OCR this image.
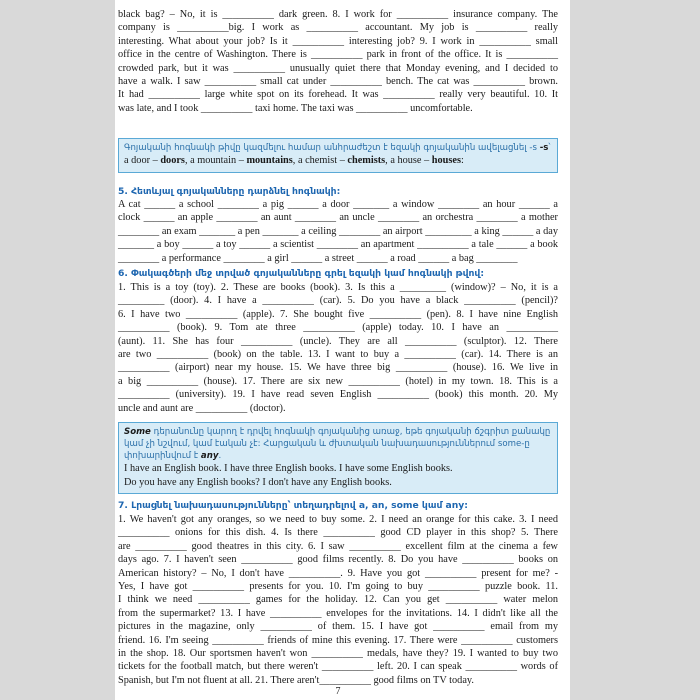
black bag? – No, it is __________ dark green. 8. I work for __________ insurance company. The
company is __________big. I work as __________ accountant. My job is __________ really
interesting. What about your job? Is it __________ interesting job? 9. I work in __________ small
office in the centre of Washington. There is __________ park in front of the office. It is __________
crowded park, but it was __________ unusually quiet there that Monday evening, and I decided to
have a walk. I saw __________ small cat under __________ bench. The cat was __________ brown.
It had __________ large white spot on its forehead. It was __________ really very beautiful. 10. It
was late, and I took __________ taxi home. The taxi was __________ uncomfortable.

Գոյականի հոգնակի թիվը կազմելու համար անհրաժեշտ է եզակի գոյականին ավելացնել -s -s՝

a door – doors, a mountain – mountains, a chemist – chemists, a house – houses:

5. Հետևյալ գոյականները դարձնել հոգնակի:

A cat ______ a school ________ a pig ______ a door _______ a window ________ an hour ______ a
clock ______ an apple ________ an aunt ________ an uncle ________ an orchestra ________ a mother
________ an exam _______ a pen _______ a ceiling ________ an airport _________ a king ______ a day
_______ a boy ______ a toy ______ a scientist ________ an apartment __________ a tale ______ a book
________ a performance ________ a girl ______ a street ______ a road ______ a bag ________

6. Փակագծերի մեջ տրված գոյականները գրել եզակի կամ հոգնակի թվով:

1. This is a toy (toy). 2. These are books (book). 3. Is this a _________ (window)? – No, it is a
_________ (door). 4. I have a __________ (car). 5. Do you have a black __________ (pencil)?
6. I have two __________ (apple). 7. She bought five __________ (pen). 8. I have nine English
__________ (book). 9. Tom ate three __________ (apple) today. 10. I have an __________
(aunt). 11. She has four __________ (uncle). They are all __________ (sculptor). 12. There
are two __________ (book) on the table. 13. I want to buy a __________ (car). 14. There is an
__________ (airport) near my house. 15. We have three big __________ (house). 16. We live in
a big __________ (house). 17. There are six new __________ (hotel) in my town. 18. This is a
__________ (university). 19. I have read seven English __________ (book) this month. 20. My
uncle and aunt are __________ (doctor).

Some դերանունը կարող է դրվել հոգնակի գոյականից առաջ, եթե գոյականի ճշգրիտ քանակը

կամ չի նշվում, կամ էական չէ: Հարցական և ժխտական նախադասություններում some-ը

փոխարինվում է any.

I have an English book. I have three English books. I have some English books.

Do you have any English books? I don't have any English books.

7. Լրացնել նախադասությունները՝ տեղադրելով a, an, some կամ any:

1. We haven't got any oranges, so we need to buy some. 2. I need an orange for this cake. 3. I need
__________ onions for this dish. 4. Is there __________ good CD player in this shop? 5. There
are __________ good theatres in this city. 6. I saw __________ excellent film at the cinema a few
days ago. 7. I haven't seen __________ good films recently. 8. Do you have __________ books on
American history? – No, I don't have __________. 9. Have you got __________ present for me? -
Yes, I have got __________ presents for you. 10. I'm going to buy __________ puzzle book. 11.
I think we need __________ games for the holiday. 12. Can you get __________ water melon
from the supermarket? 13. I have __________ envelopes for the invitations. 14. I didn't like all the
pictures in the magazine, only __________ of them. 15. I have got __________ email from my
friend. 16. I'm seeing __________ friends of mine this evening. 17. There were __________ customers
in the shop. 18. Our sportsmen haven't won __________ medals, have they? 19. I wanted to buy two
tickets for the football match, but there weren't __________ left. 20. I can speak __________ words of
Spanish, but I'm not fluent at all. 21. There aren't__________ good films on TV today.
7
